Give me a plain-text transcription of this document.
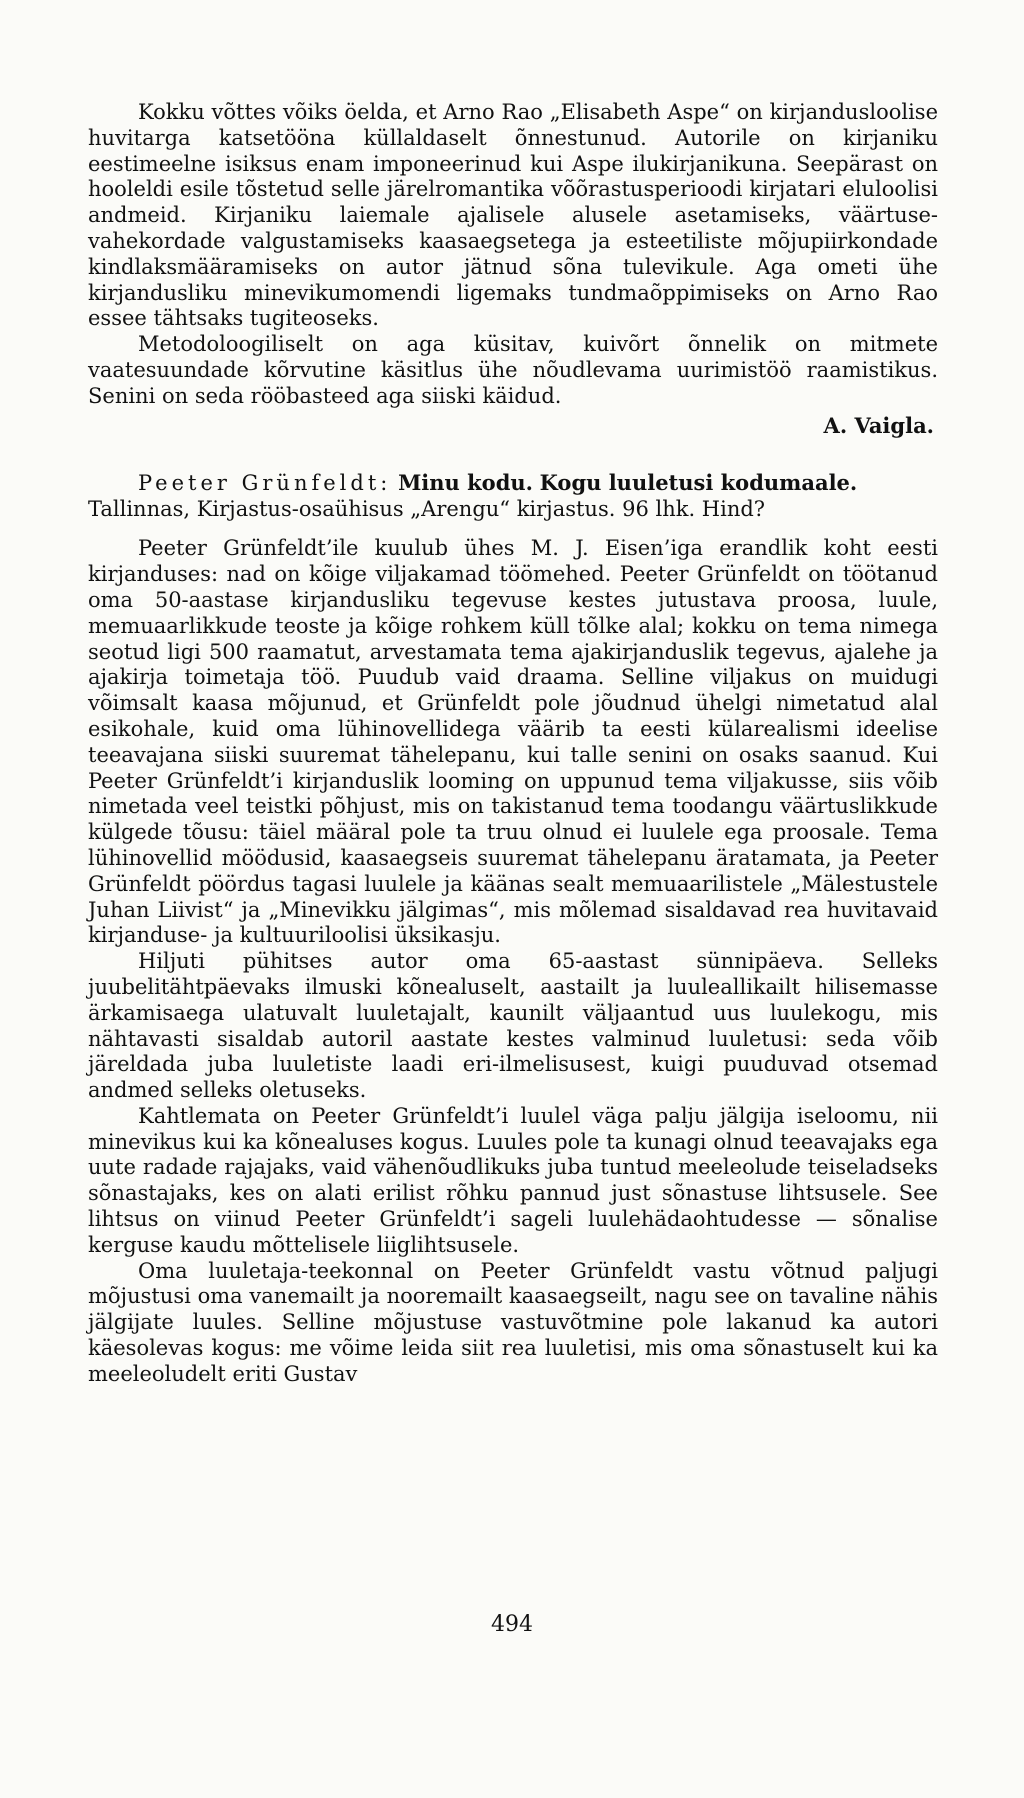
Kokku võttes võiks öelda, et Arno Rao „Elisabeth Aspe“ on kirjandusloolise huvitarga katsetööna küllaldaselt õnnestunud. Autorile on kirjaniku eestimeelne isiksus enam imponeerinud kui Aspe ilukirjanikuna. Seepärast on hooleldi esile tõstetud selle järelromantika võõrastusperioodi kirjatari eluloolisi andmeid. Kirjaniku laiemale ajalisele alusele asetamiseks, väärtuse-vahekordade valgustamiseks kaasaegsetega ja esteetiliste mõjupiirkondade kindlaksmääramiseks on autor jätnud sõna tulevikule. Aga ometi ühe kirjandusliku minevikumomendi ligemaks tundmaõppimiseks on Arno Rao essee tähtsaks tugiteoseks.

Metodoloogiliselt on aga küsitav, kuivõrt õnnelik on mitmete vaatesuundade kõrvutine käsitlus ühe nõudlevama uurimistöö raamistikus. Senini on seda rööbasteed aga siiski käidud.

A. Vaigla.
Peeter Grünfeldt: Minu kodu. Kogu luuletusi kodumaale.
Tallinnas, Kirjastus-osaühisus „Arengu“ kirjastus. 96 lhk. Hind?

Peeter Grünfeldt’ile kuulub ühes M. J. Eisen’iga erandlik koht eesti kirjanduses: nad on kõige viljakamad töömehed. Peeter Grünfeldt on töötanud oma 50-aastase kirjandusliku tegevuse kestes jutustava proosa, luule, memuaarlikkude teoste ja kõige rohkem küll tõlke alal; kokku on tema nimega seotud ligi 500 raamatut, arvestamata tema ajakirjanduslik tegevus, ajalehe ja ajakirja toimetaja töö. Puudub vaid draama. Selline viljakus on muidugi võimsalt kaasa mõjunud, et Grünfeldt pole jõudnud ühelgi nimetatud alal esikohale, kuid oma lühinovellidega väärib ta eesti külarealismi ideelise teeavajana siiski suuremat tähelepanu, kui talle senini on osaks saanud. Kui Peeter Grünfeldt’i kirjanduslik looming on uppunud tema viljakusse, siis võib nimetada veel teistki põhjust, mis on takistanud tema toodangu väärtuslikkude külgede tõusu: täiel määral pole ta truu olnud ei luulele ega proosale. Tema lühinovellid möödusid, kaasaegseis suuremat tähelepanu äratamata, ja Peeter Grünfeldt pöördus tagasi luulele ja käänas sealt memuaarilistele „Mälestustele Juhan Liivist“ ja „Minevikku jälgimas“, mis mõlemad sisaldavad rea huvitavaid kirjanduse- ja kultuuriloolisi üksikasju.

Hiljuti pühitses autor oma 65-aastast sünnipäeva. Selleks juubelitähtpäevaks ilmuski kõnealuselt, aastailt ja luuleallikailt hilisemasse ärkamisaega ulatuvalt luuletajalt, kaunilt väljaantud uus luulekogu, mis nähtavasti sisaldab autoril aastate kestes valminud luuletusi: seda võib järeldada juba luuletiste laadi eri-ilmelisusest, kuigi puuduvad otsemad andmed selleks oletuseks.

Kahtlemata on Peeter Grünfeldt’i luulel väga palju jälgija iseloomu, nii minevikus kui ka kõnealuses kogus. Luules pole ta kunagi olnud teeavajaks ega uute radade rajajaks, vaid vähenõudlikuks juba tuntud meeleolude teiseladseks sõnastajaks, kes on alati erilist rõhku pannud just sõnastuse lihtsusele. See lihtsus on viinud Peeter Grünfeldt’i sageli luulehädaohtudesse — sõnalise kerguse kaudu mõttelisele liiglihtsusele.

Oma luuletaja-teekonnal on Peeter Grünfeldt vastu võtnud paljugi mõjustusi oma vanemailt ja nooremailt kaasaegseilt, nagu see on tavaline nähis jälgijate luules. Selline mõjustuse vastuvõtmine pole lakanud ka autori käesolevas kogus: me võime leida siit rea luuletisi, mis oma sõnastuselt kui ka meeleoludelt eriti Gustav

494
